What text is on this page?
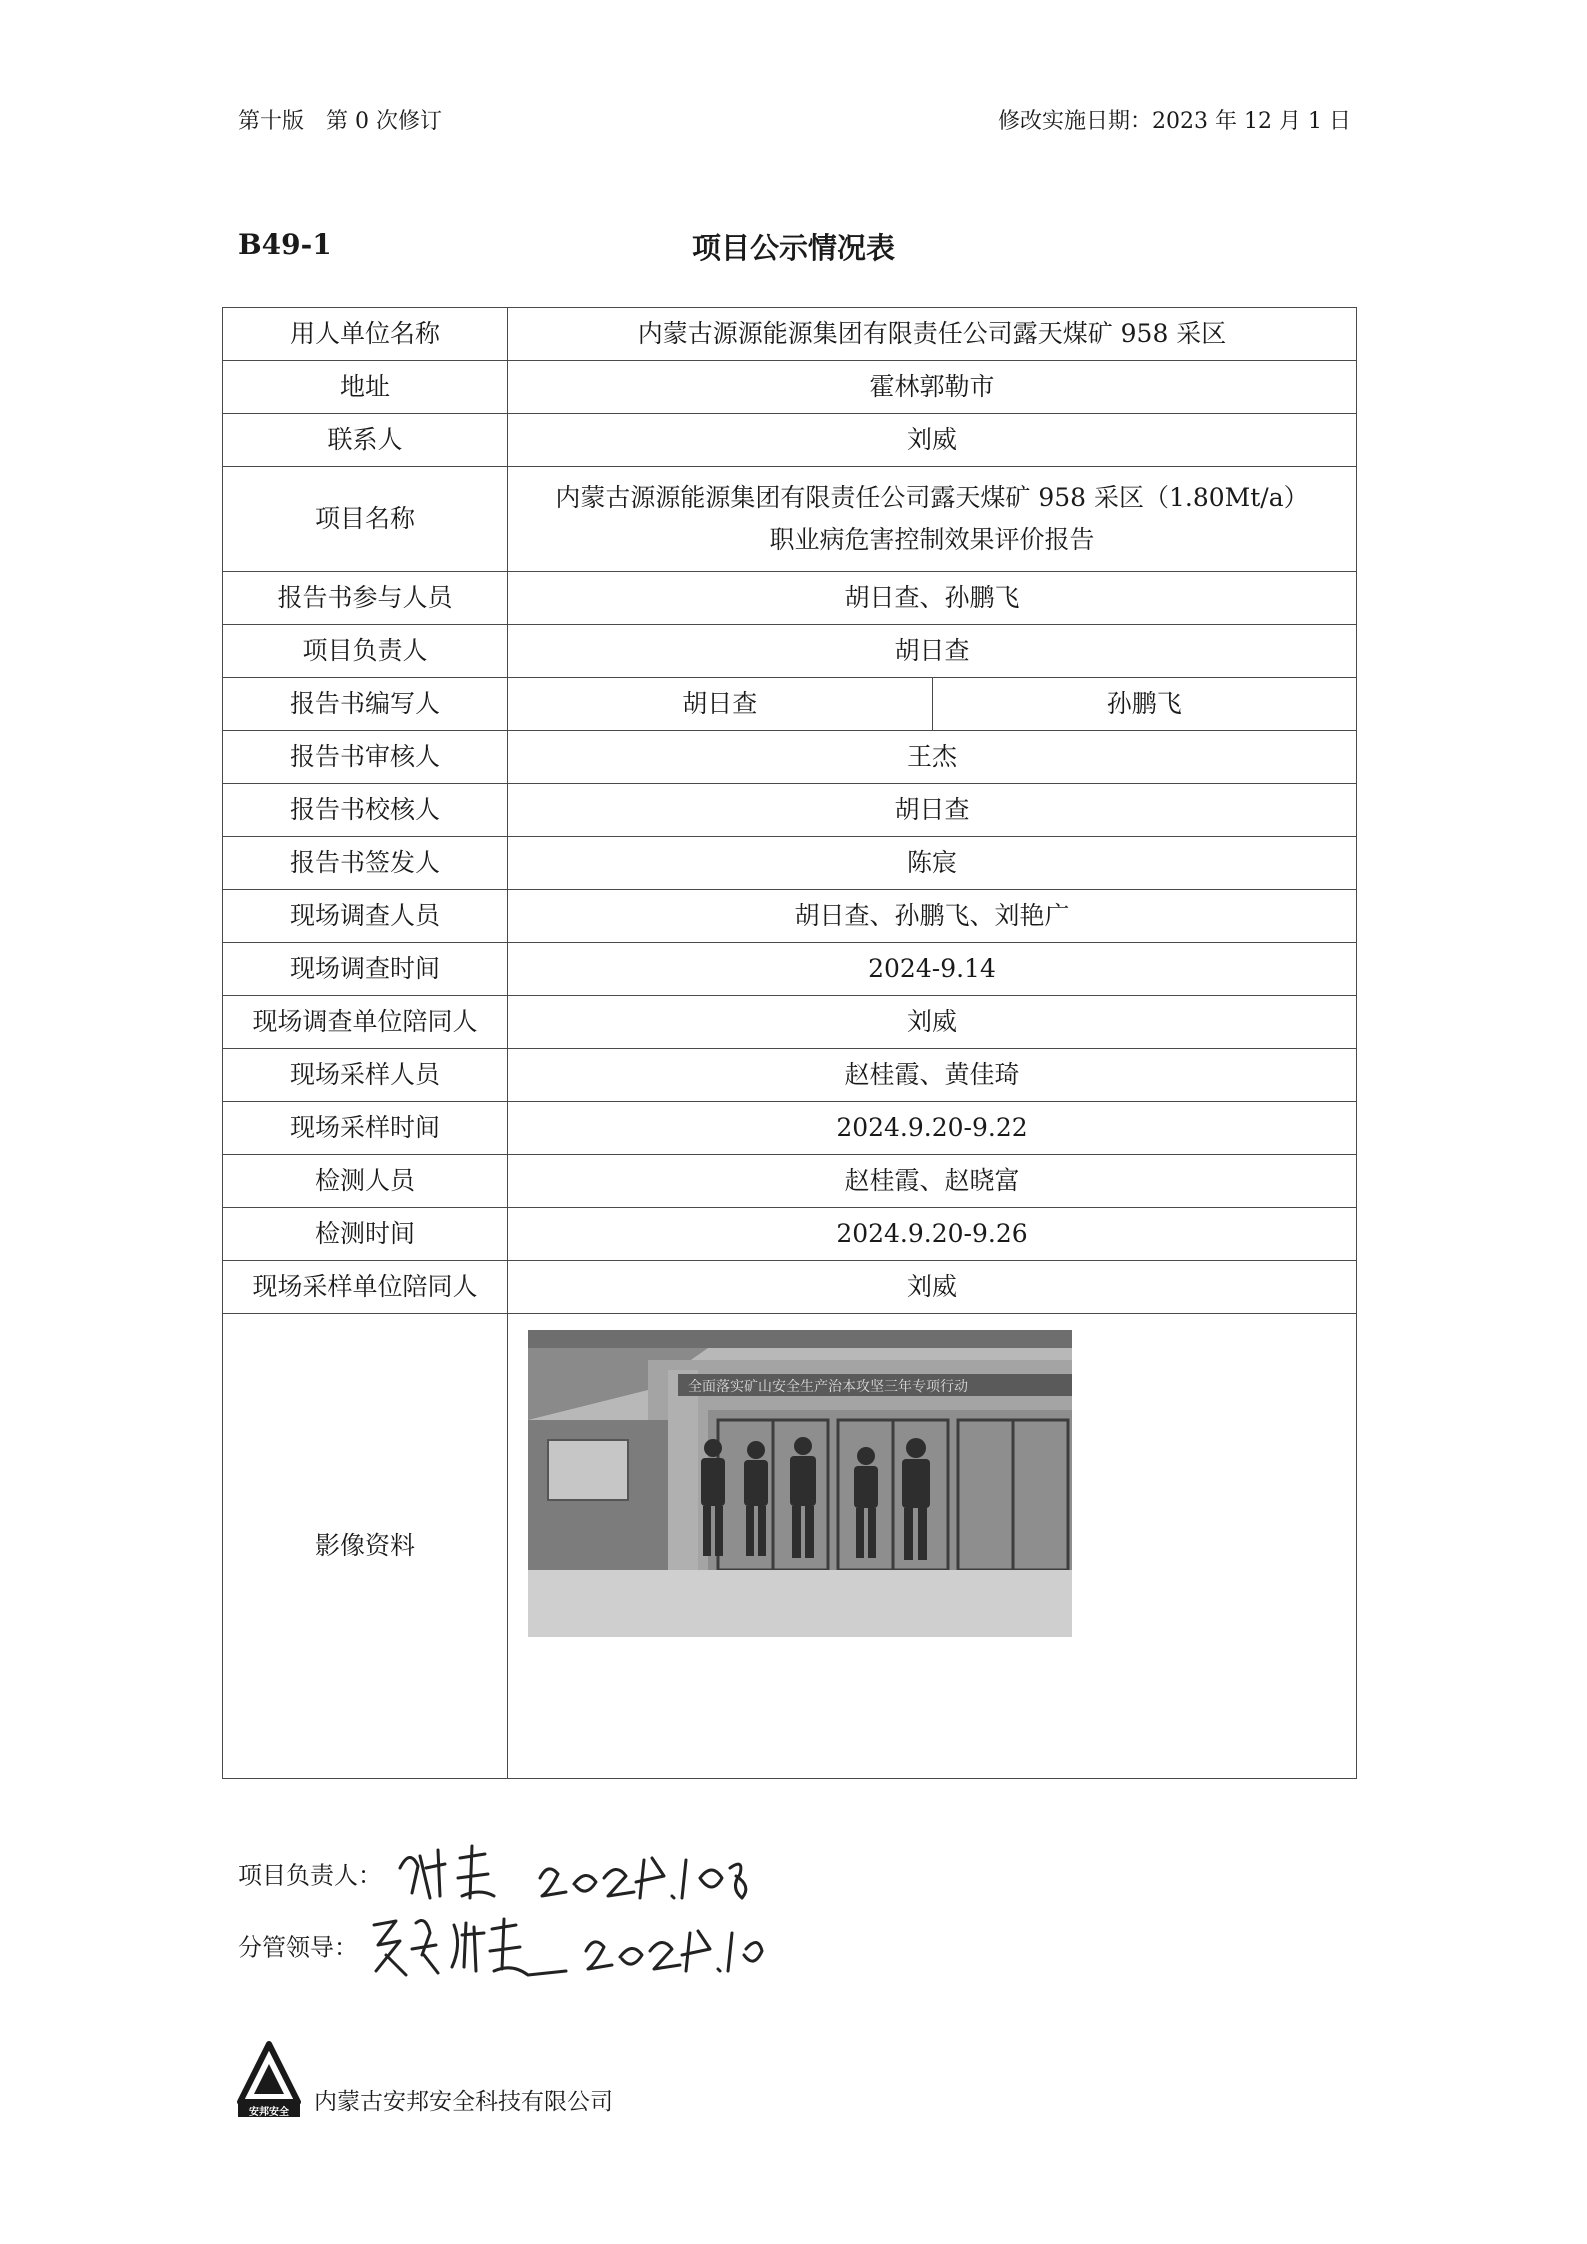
第十版　第 0 次修订	修改实施日期：2023 年 12 月 1 日
B49-1	项目公示情况表
用人单位名称	内蒙古源源能源集团有限责任公司露天煤矿 958 采区	
地址	霍林郭勒市	
联系人	刘威	
项目名称	内蒙古源源能源集团有限责任公司露天煤矿 958 采区（1.80Mt/a）
职业病危害控制效果评价报告	

报告书参与人员	胡日查、孙鹏飞	
项目负责人	胡日查	
报告书编写人	胡日查	孙鹏飞
报告书审核人	王杰	
报告书校核人	胡日查	
报告书签发人	陈宸	
现场调查人员	胡日查、孙鹏飞、刘艳广	
现场调查时间	2024-9.14	
现场调查单位陪同人	刘威	
现场采样人员	赵桂霞、黄佳琦	
现场采样时间	2024.9.20-9.22	
检测人员	赵桂霞、赵晓富	
检测时间	2024.9.20-9.26	
现场采样单位陪同人	刘威	
影像资料	全面落实矿山安全生产治本攻坚三年专项行动	
项目负责人：
分管领导：
安邦安全 内蒙古安邦安全科技有限公司
